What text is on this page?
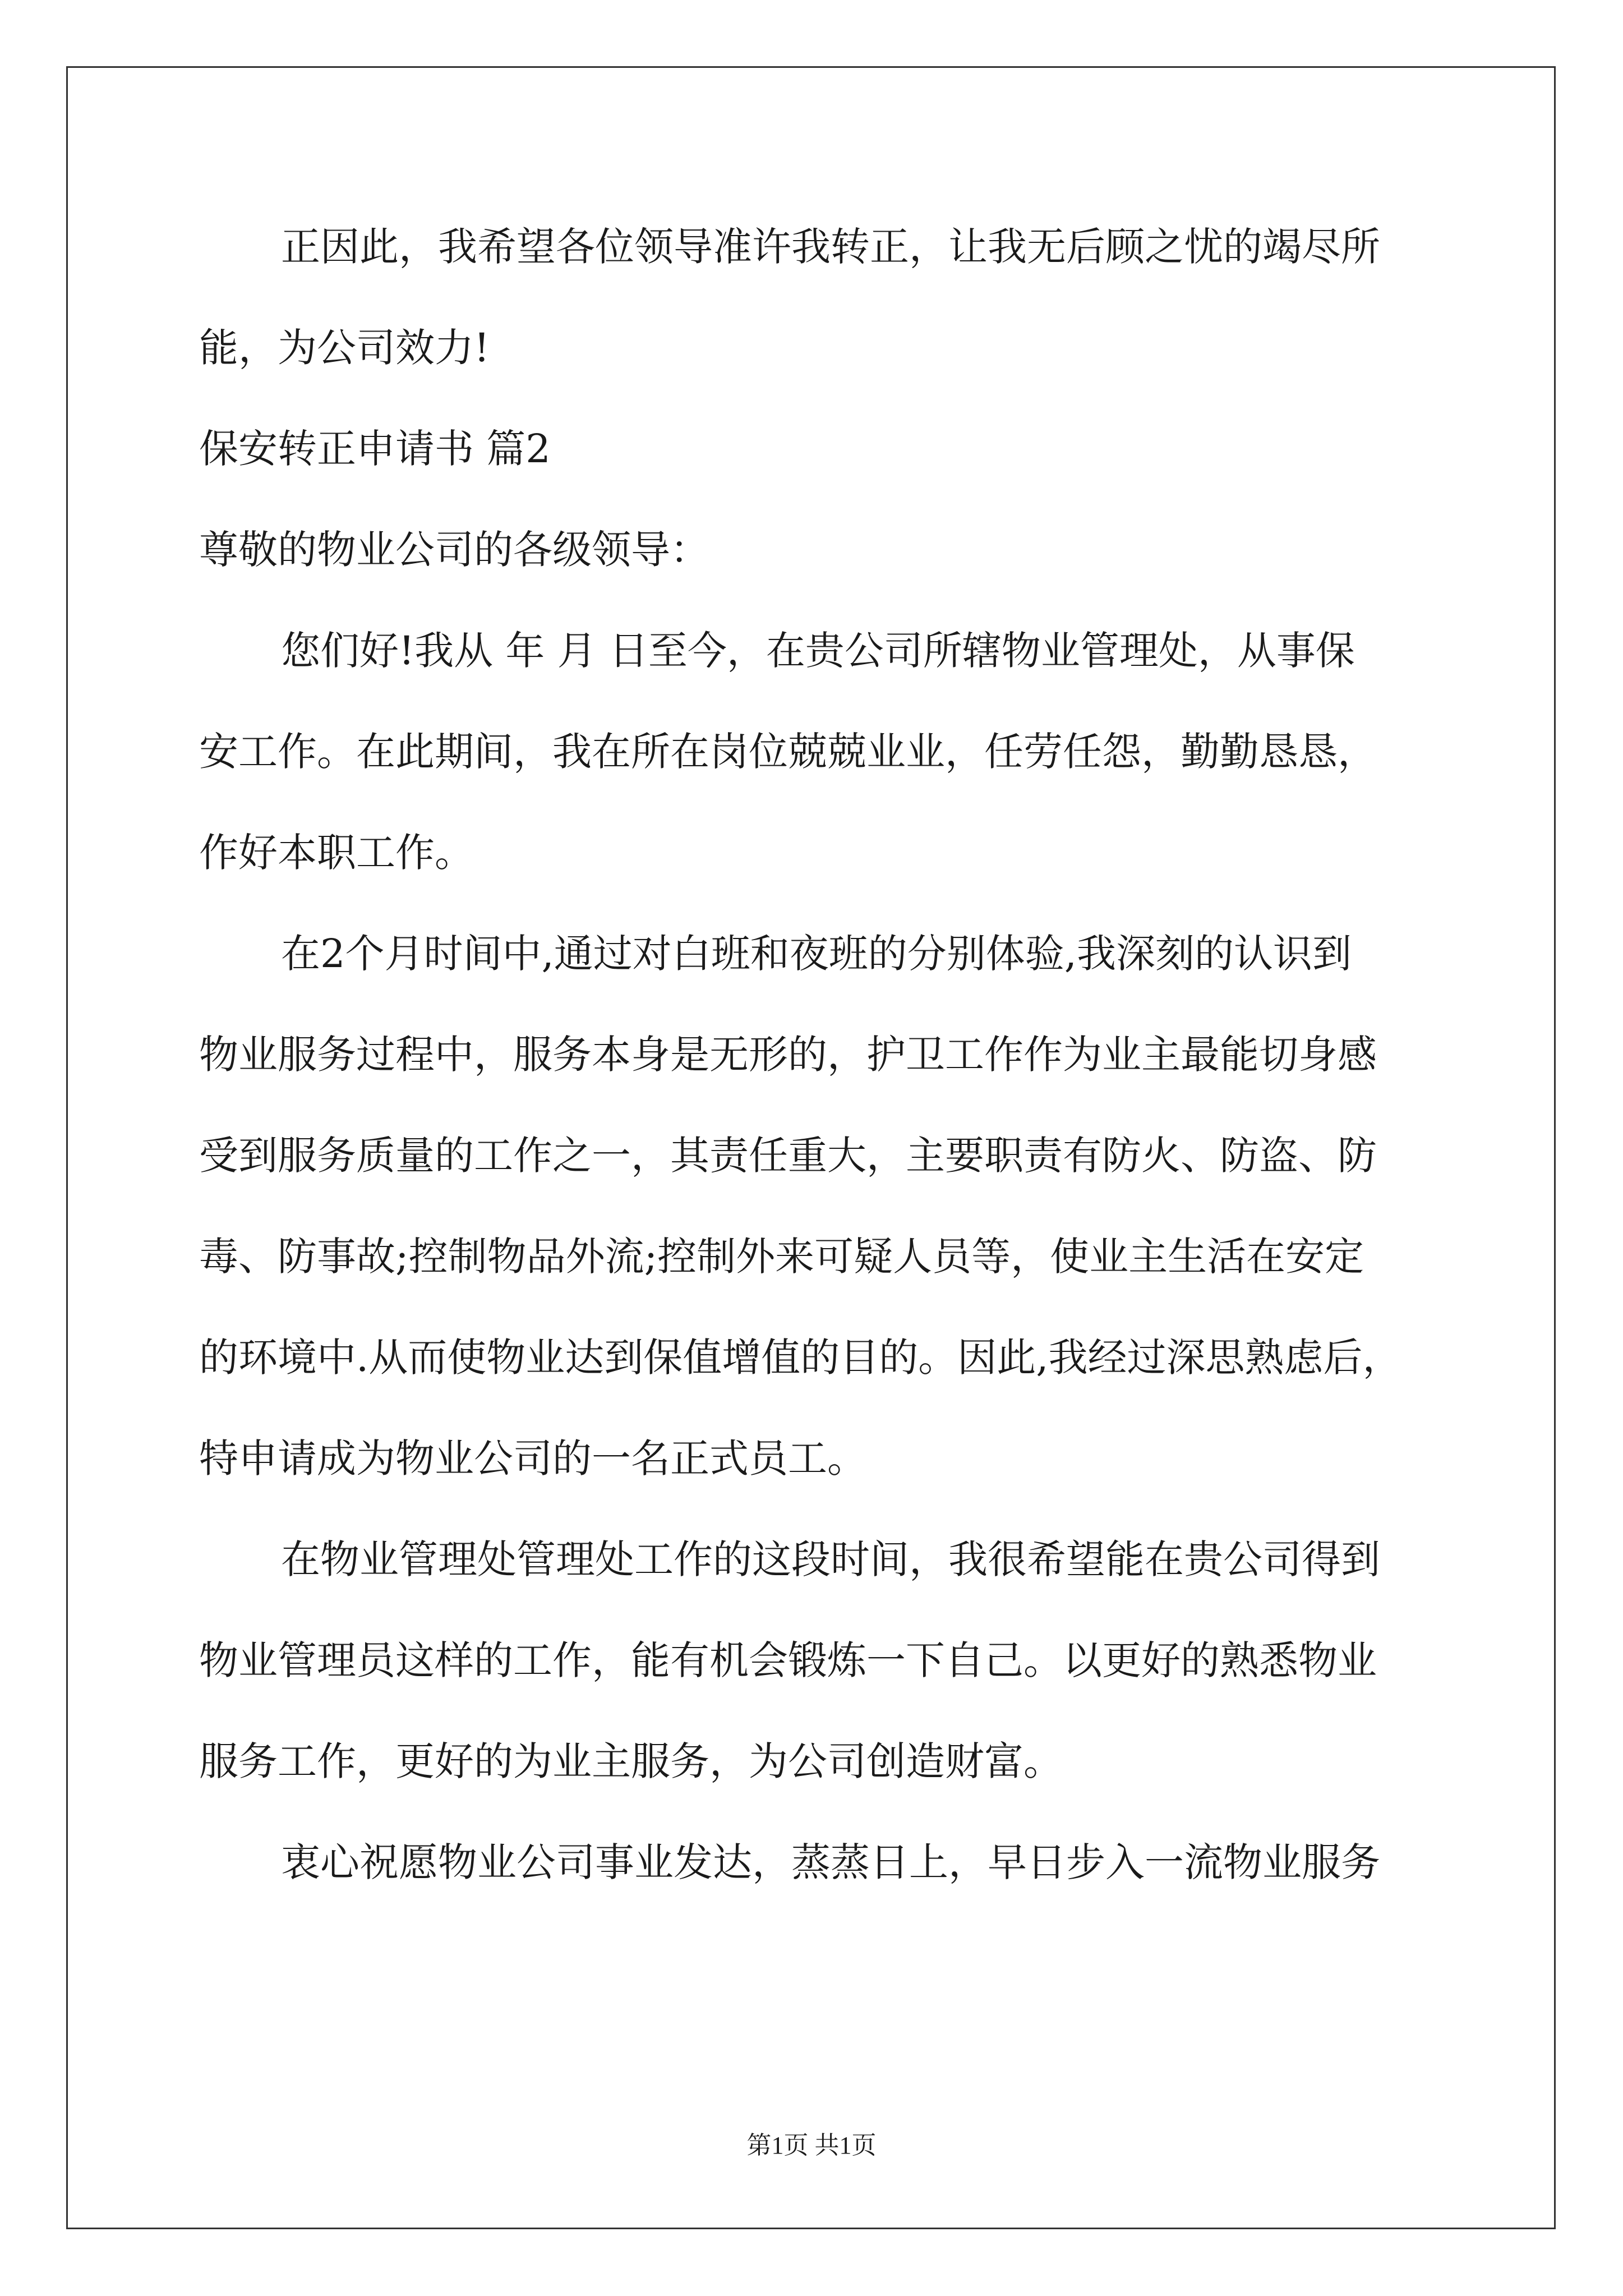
正因此，我希望各位领导准许我转正，让我无后顾之忧的竭尽所
能，为公司效力!
保安转正申请书 篇2
尊敬的物业公司的各级领导：
您们好!我从 年 月 日至今，在贵公司所辖物业管理处，从事保
安工作。在此期间，我在所在岗位兢兢业业，任劳任怨，勤勤恳恳，
作好本职工作。
在2个月时间中,通过对白班和夜班的分别体验,我深刻的认识到
物业服务过程中，服务本身是无形的，护卫工作作为业主最能切身感
受到服务质量的工作之一，其责任重大，主要职责有防火、防盗、防
毒、防事故;控制物品外流;控制外来可疑人员等，使业主生活在安定
的环境中.从而使物业达到保值增值的目的。因此,我经过深思熟虑后，
特申请成为物业公司的一名正式员工。
在物业管理处管理处工作的这段时间，我很希望能在贵公司得到
物业管理员这样的工作，能有机会锻炼一下自己。以更好的熟悉物业
服务工作，更好的为业主服务，为公司创造财富。
衷心祝愿物业公司事业发达，蒸蒸日上，早日步入一流物业服务
第1页 共1页
